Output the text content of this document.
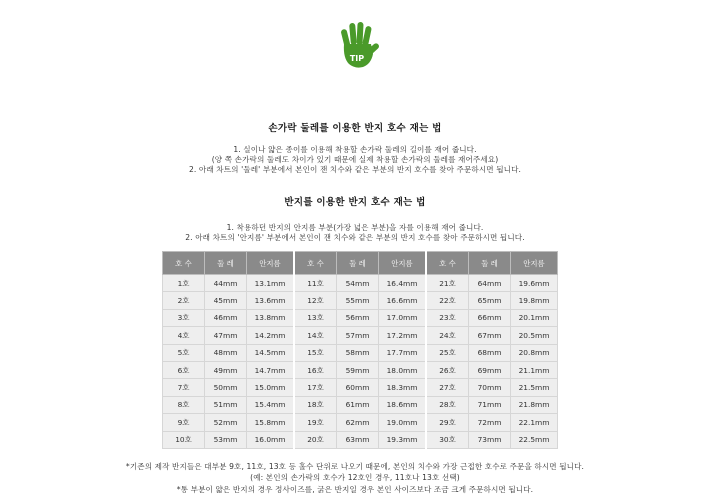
TIP
손가락 둘레를 이용한 반지 호수 재는 법
1. 실이나 얇은 종이를 이용해 착용할 손가락 둘레의 길이를 재어 줍니다.
(양 쪽 손가락의 둘레도 차이가 있기 때문에 실제 착용할 손가락의 둘레를 재어주세요)
2. 아래 차트의 '둘레' 부분에서 본인이 잰 치수와 같은 부분의 반지 호수를 찾아 주문하시면 됩니다.
반지를 이용한 반지 호수 재는 법
1. 착용하던 반지의 안지름 부분(가장 넓은 부분)을 자를 이용해 재어 줍니다.
2. 아래 차트의 '안지름' 부분에서 본인이 잰 치수와 같은 부분의 반지 호수를 찾아 주문하시면 됩니다.
호 수	둘 레	안지름	호 수	둘 레	안지름	호 수	둘 레	안지름
1호	44mm	13.1mm	11호	54mm	16.4mm	21호	64mm	19.6mm
2호	45mm	13.6mm	12호	55mm	16.6mm	22호	65mm	19.8mm
3호	46mm	13.8mm	13호	56mm	17.0mm	23호	66mm	20.1mm
4호	47mm	14.2mm	14호	57mm	17.2mm	24호	67mm	20.5mm
5호	48mm	14.5mm	15호	58mm	17.7mm	25호	68mm	20.8mm
6호	49mm	14.7mm	16호	59mm	18.0mm	26호	69mm	21.1mm
7호	50mm	15.0mm	17호	60mm	18.3mm	27호	70mm	21.5mm
8호	51mm	15.4mm	18호	61mm	18.6mm	28호	71mm	21.8mm
9호	52mm	15.8mm	19호	62mm	19.0mm	29호	72mm	22.1mm
10호	53mm	16.0mm	20호	63mm	19.3mm	30호	73mm	22.5mm
*기존의 제작 반지들은 대부분 9호, 11호, 13호 등 홀수 단위로 나오기 때문에, 본인의 치수와 가장 근접한 호수로 주문을 하시면 됩니다.
(예: 본인의 손가락의 호수가 12호인 경우, 11호나 13호 선택)
*통 부분이 얇은 반지의 경우 정사이즈를, 굵은 반지일 경우 본인 사이즈보다 조금 크게 주문하시면 됩니다.
